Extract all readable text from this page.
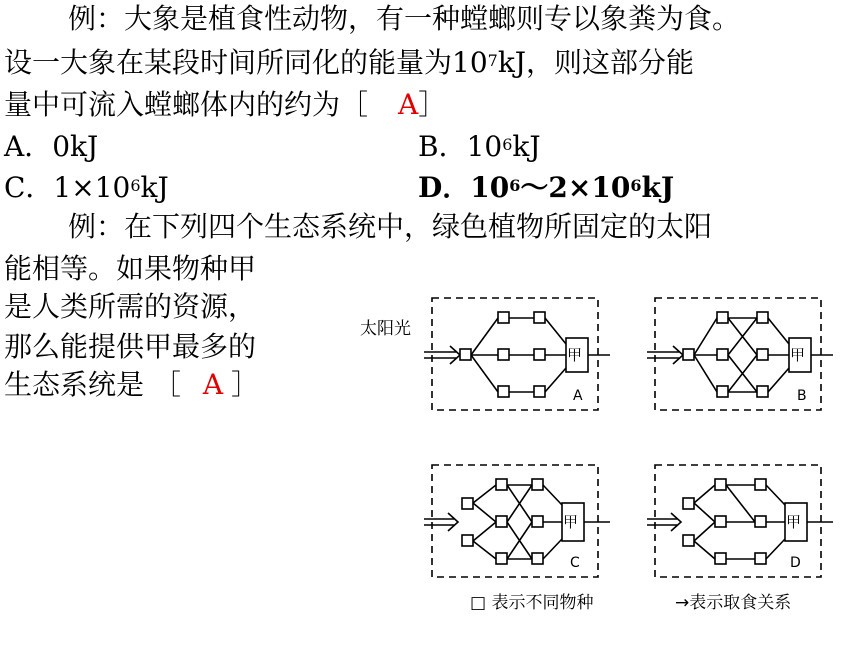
例：大象是植食性动物，有一种螳螂则专以象粪为食。
设一大象在某段时间所同化的能量为$10^7kJ$，则这部分能
量中可流入螳螂体内的约为［ A］
A．0kJ	B．$10^6kJ$
C．$1\times 10^6kJ$	D．$10^6\sim 2\times 10^6kJ$
例：在下列四个生态系统中，绿色植物所固定的太阳
能相等。如果物种甲
是人类所需的资源，
那么能提供甲最多的
生态系统是 ［ A ］
太阳光
□ 表示不同物种	→表示取食关系
甲
A
甲
B
甲
C
甲
D
